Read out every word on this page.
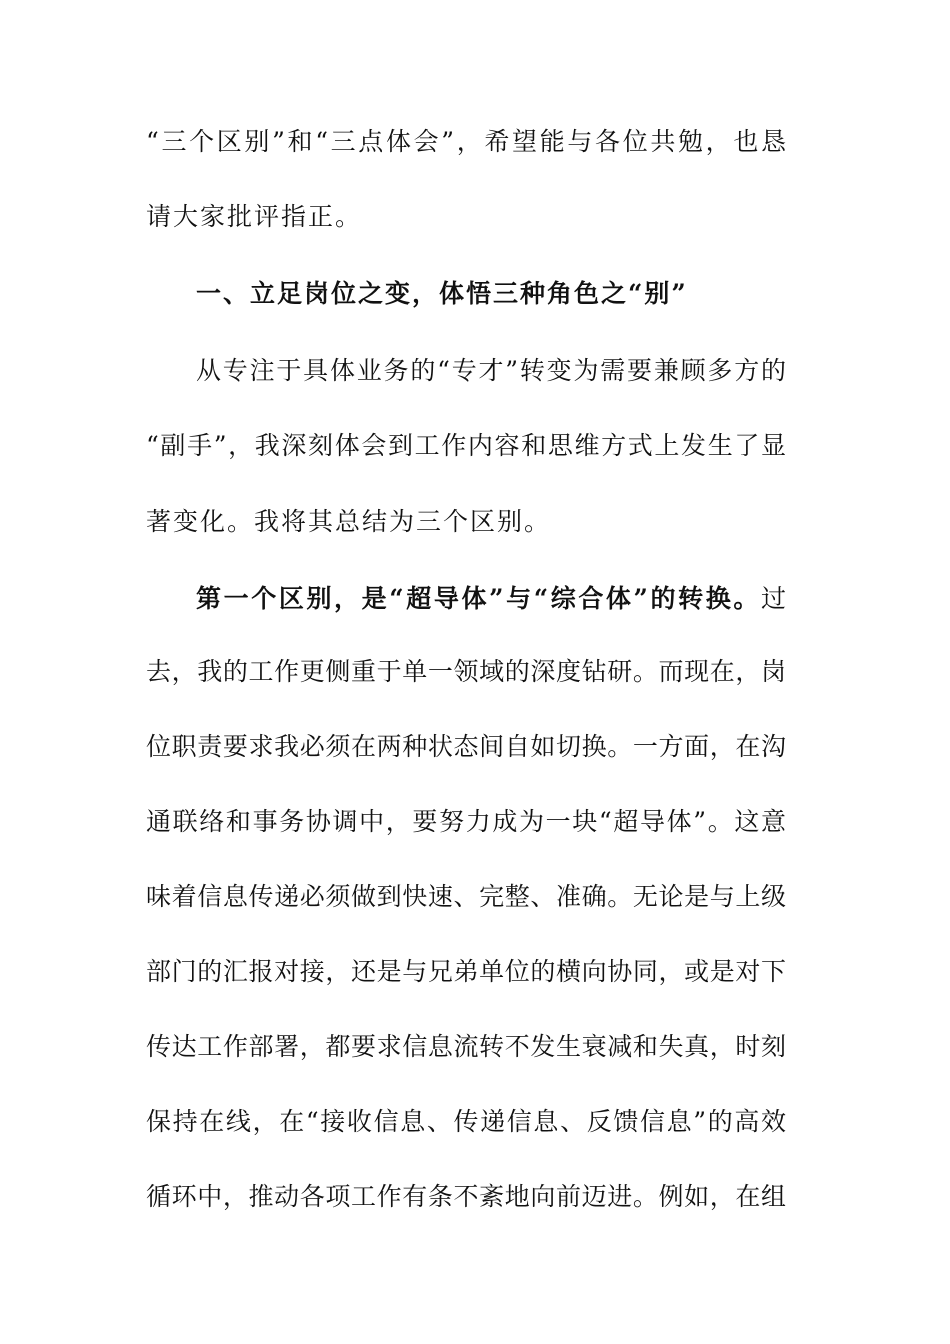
“三个区别”和“三点体会”，希望能与各位共勉，也恳
请大家批评指正。
一、立足岗位之变，体悟三种角色之“别”
从专注于具体业务的“专才”转变为需要兼顾多方的
“副手”，我深刻体会到工作内容和思维方式上发生了显
著变化。我将其总结为三个区别。
第一个区别，是“超导体”与“综合体”的转换。过
去，我的工作更侧重于单一领域的深度钻研。而现在，岗
位职责要求我必须在两种状态间自如切换。一方面，在沟
通联络和事务协调中，要努力成为一块“超导体”。这意
味着信息传递必须做到快速、完整、准确。无论是与上级
部门的汇报对接，还是与兄弟单位的横向协同，或是对下
传达工作部署，都要求信息流转不发生衰减和失真，时刻
保持在线，在“接收信息、传递信息、反馈信息”的高效
循环中，推动各项工作有条不紊地向前迈进。例如，在组
